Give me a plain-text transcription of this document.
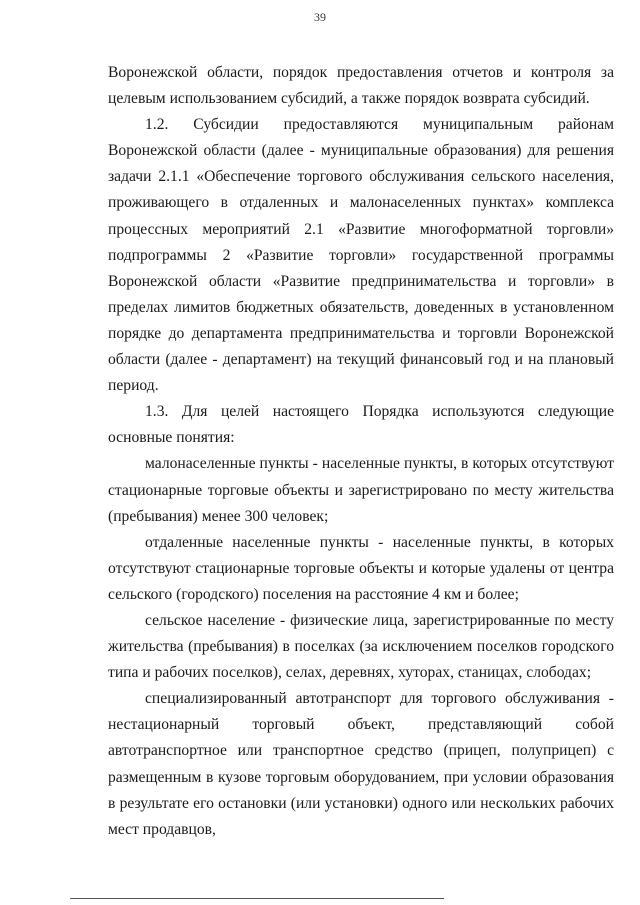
39

Воронежской области, порядок предоставления отчетов и контроля за целевым использованием субсидий, а также порядок возврата субсидий.

1.2. Субсидии предоставляются муниципальным районам Воронежской области (далее - муниципальные образования) для решения задачи 2.1.1 «Обеспечение торгового обслуживания сельского населения, проживающего в отдаленных и малонаселенных пунктах» комплекса процессных мероприятий 2.1 «Развитие многоформатной торговли» подпрограммы 2 «Развитие торговли» государственной программы Воронежской области «Развитие предпринимательства и торговли» в пределах лимитов бюджетных обязательств, доведенных в установленном порядке до департамента предпринимательства и торговли Воронежской области (далее - департамент) на текущий финансовый год и на плановый период.

1.3. Для целей настоящего Порядка используются следующие основные понятия:

малонаселенные пункты - населенные пункты, в которых отсутствуют стационарные торговые объекты и зарегистрировано по месту жительства (пребывания) менее 300 человек;

отдаленные населенные пункты - населенные пункты, в которых отсутствуют стационарные торговые объекты и которые удалены от центра сельского (городского) поселения на расстояние 4 км и более;

сельское население - физические лица, зарегистрированные по месту жительства (пребывания) в поселках (за исключением поселков городского типа и рабочих поселков), селах, деревнях, хуторах, станицах, слободах;

специализированный автотранспорт для торгового обслуживания - нестационарный торговый объект, представляющий собой автотранспортное или транспортное средство (прицеп, полуприцеп) с размещенным в кузове торговым оборудованием, при условии образования в результате его остановки (или установки) одного или нескольких рабочих мест продавцов,
